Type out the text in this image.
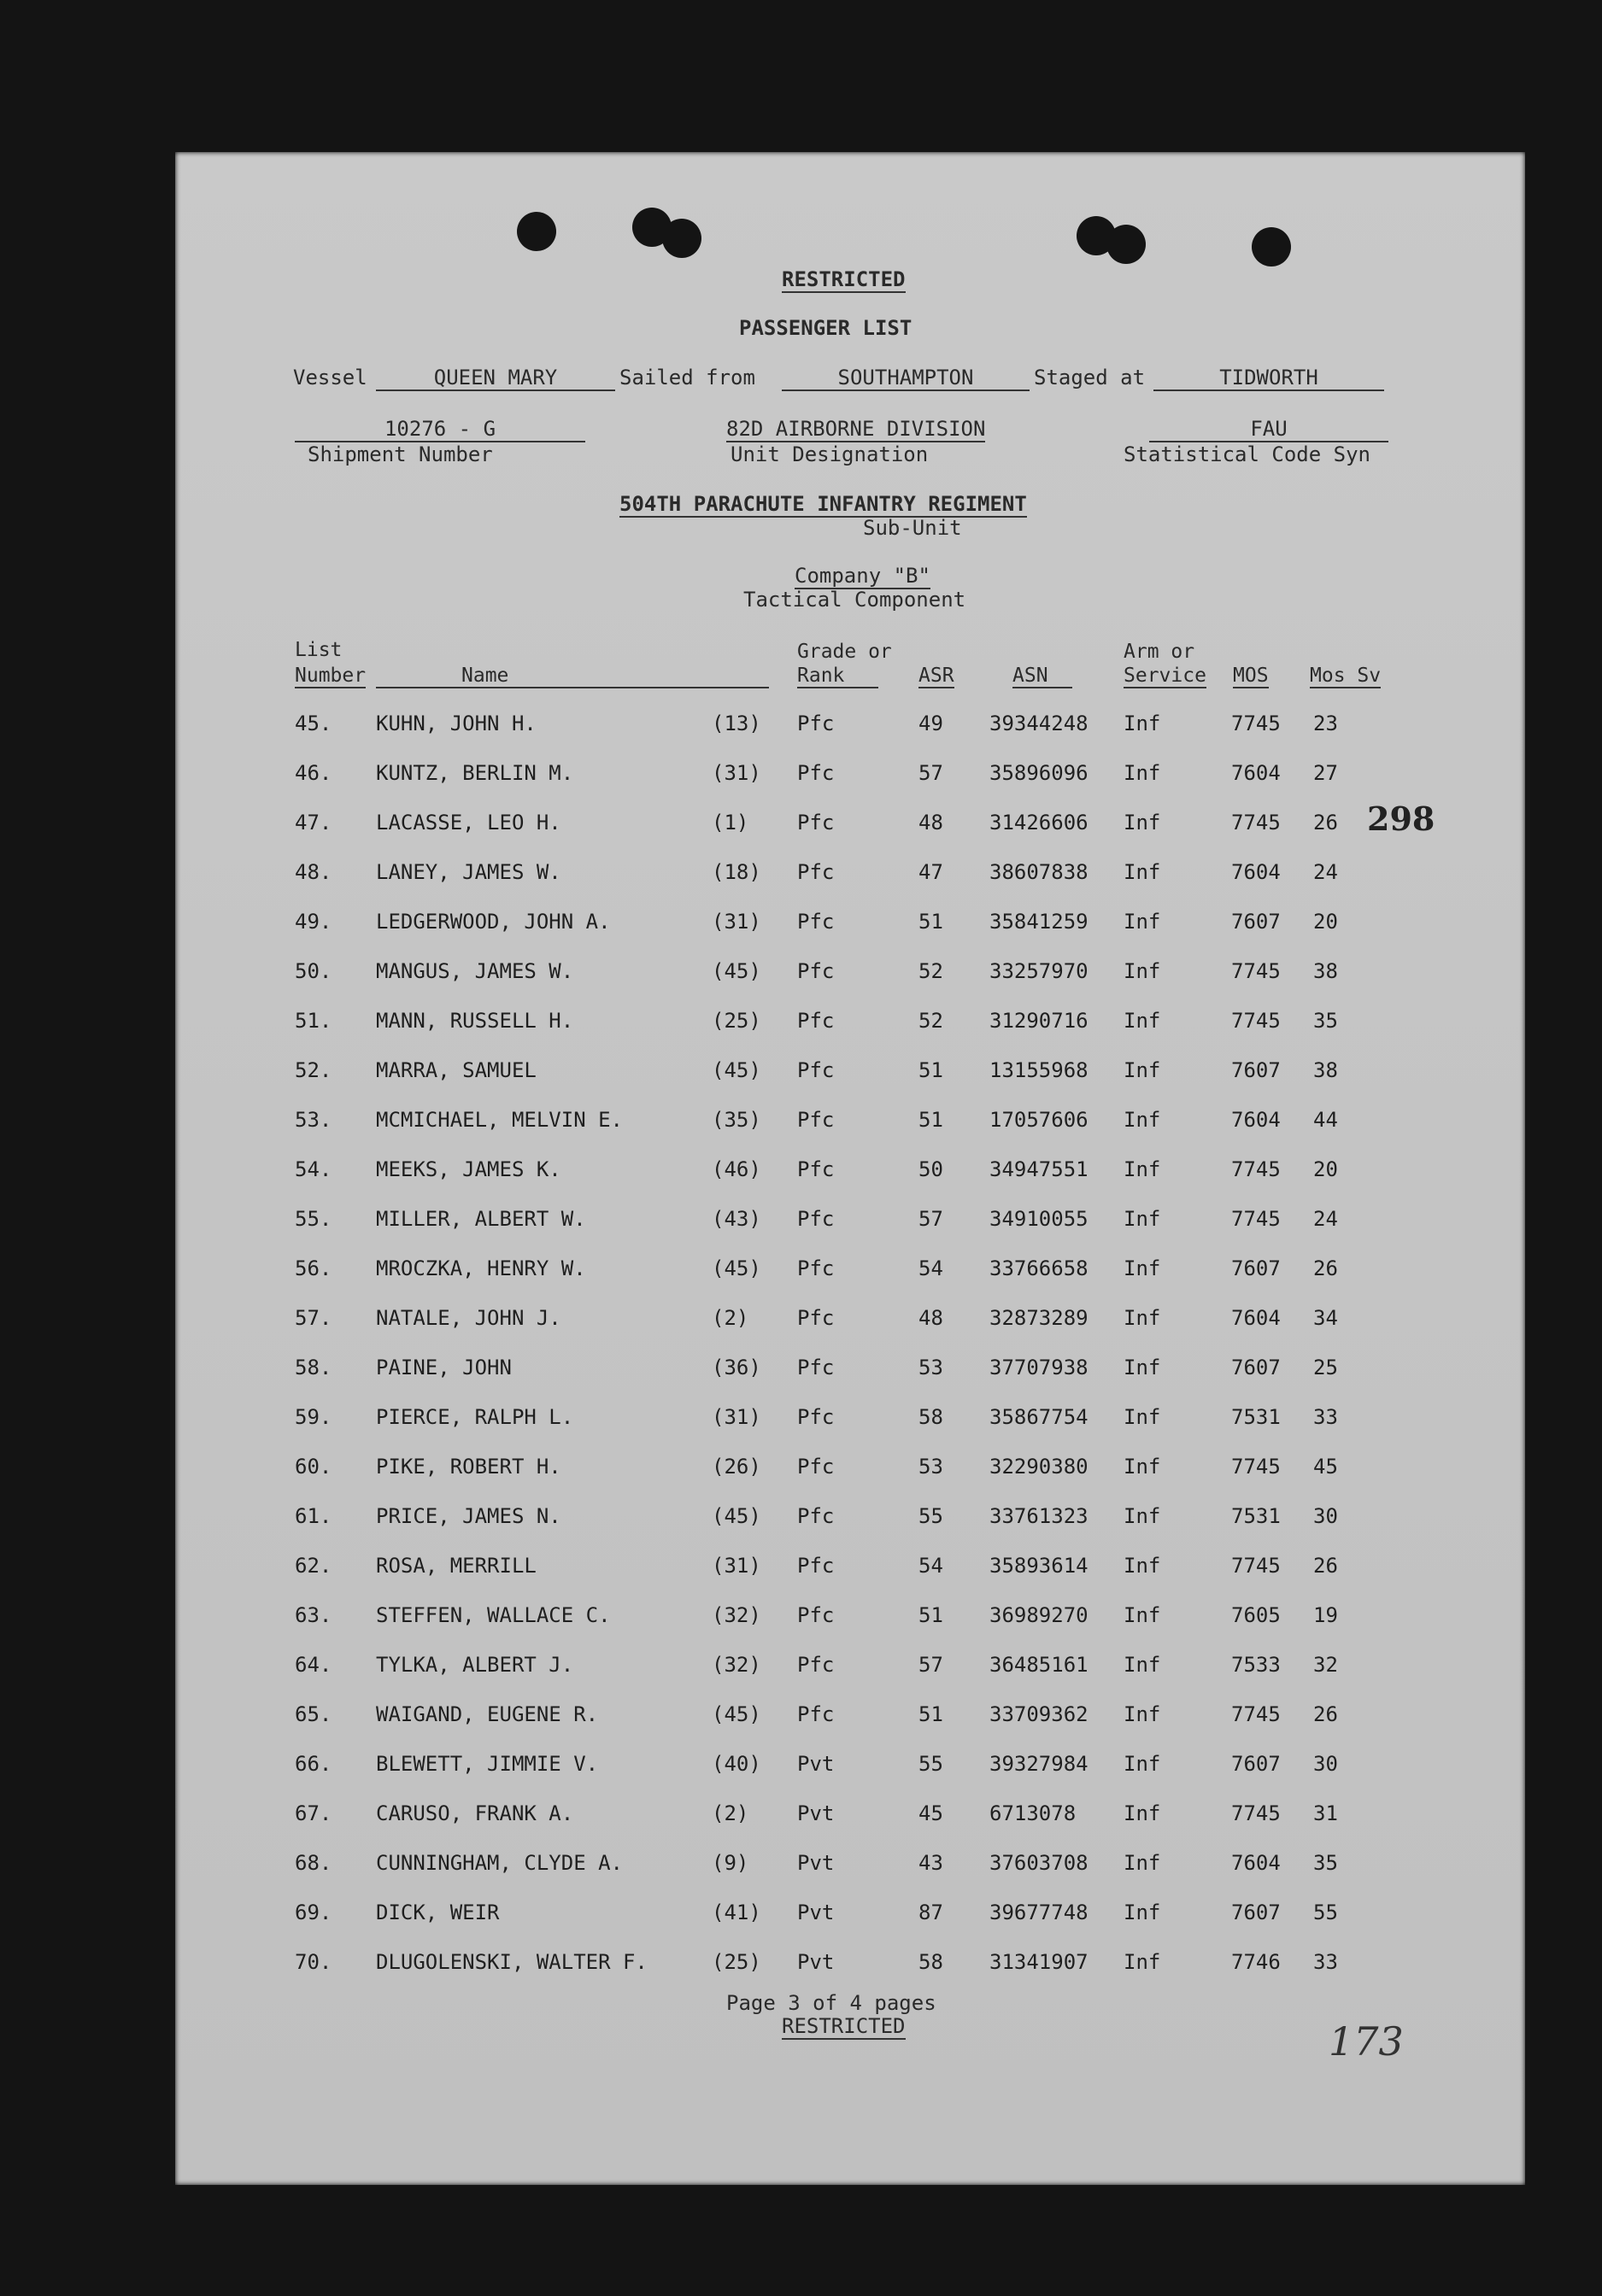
RESTRICTED
PASSENGER LIST
Vessel	QUEEN MARY	Sailed from	SOUTHAMPTON	Staged at	TIDWORTH
10276 - G
Shipment Number
82D AIRBORNE DIVISION
Unit Designation
FAU
Statistical Code Syn
504TH PARACHUTE INFANTRY REGIMENT
Sub-Unit
Company "B"
Tactical Component
List
Number	Name
Grade or
Rank	ASR	ASN
Arm or
Service MOS Mos Sv
45. KUHN, JOHN H.	(13) Pfc	49 39344248 Inf	7745 23
46. KUNTZ, BERLIN M.	(31) Pfc	57 35896096 Inf	7604 27
47. LACASSE, LEO H.	(1) Pfc	48 31426606 Inf	7745 26
48. LANEY, JAMES W.	(18) Pfc	47 38607838 Inf	7604 24
49. LEDGERWOOD, JOHN A.	(31) Pfc	51 35841259 Inf	7607 20
50. MANGUS, JAMES W.	(45) Pfc	52 33257970 Inf	7745 38
51. MANN, RUSSELL H.	(25) Pfc	52 31290716 Inf	7745 35
52. MARRA, SAMUEL	(45) Pfc	51 13155968 Inf	7607 38
53. MCMICHAEL, MELVIN E.	(35) Pfc	51 17057606 Inf	7604 44
54. MEEKS, JAMES K.	(46) Pfc	50 34947551 Inf	7745 20
55. MILLER, ALBERT W.	(43) Pfc	57 34910055 Inf	7745 24
56. MROCZKA, HENRY W.	(45) Pfc	54 33766658 Inf	7607 26
57. NATALE, JOHN J.	(2) Pfc	48 32873289 Inf	7604 34
58. PAINE, JOHN	(36) Pfc	53 37707938 Inf	7607 25
59. PIERCE, RALPH L.	(31) Pfc	58 35867754 Inf	7531 33
60. PIKE, ROBERT H.	(26) Pfc	53 32290380 Inf	7745 45
61. PRICE, JAMES N.	(45) Pfc	55 33761323 Inf	7531 30
62. ROSA, MERRILL	(31) Pfc	54 35893614 Inf	7745 26
63. STEFFEN, WALLACE C.	(32) Pfc	51 36989270 Inf	7605 19
64. TYLKA, ALBERT J.	(32) Pfc	57 36485161 Inf	7533 32
65. WAIGAND, EUGENE R.	(45) Pfc	51 33709362 Inf	7745 26
66. BLEWETT, JIMMIE V.	(40) Pvt	55 39327984 Inf	7607 30
67. CARUSO, FRANK A.	(2) Pvt	45 6713078 Inf	7745 31
68. CUNNINGHAM, CLYDE A.	(9) Pvt	43 37603708 Inf	7604 35
69. DICK, WEIR	(41) Pvt	87 39677748 Inf	7607 55
70. DLUGOLENSKI, WALTER F.	(25) Pvt	58 31341907 Inf	7746 33
Page 3 of 4 pages
RESTRICTED
298
173
